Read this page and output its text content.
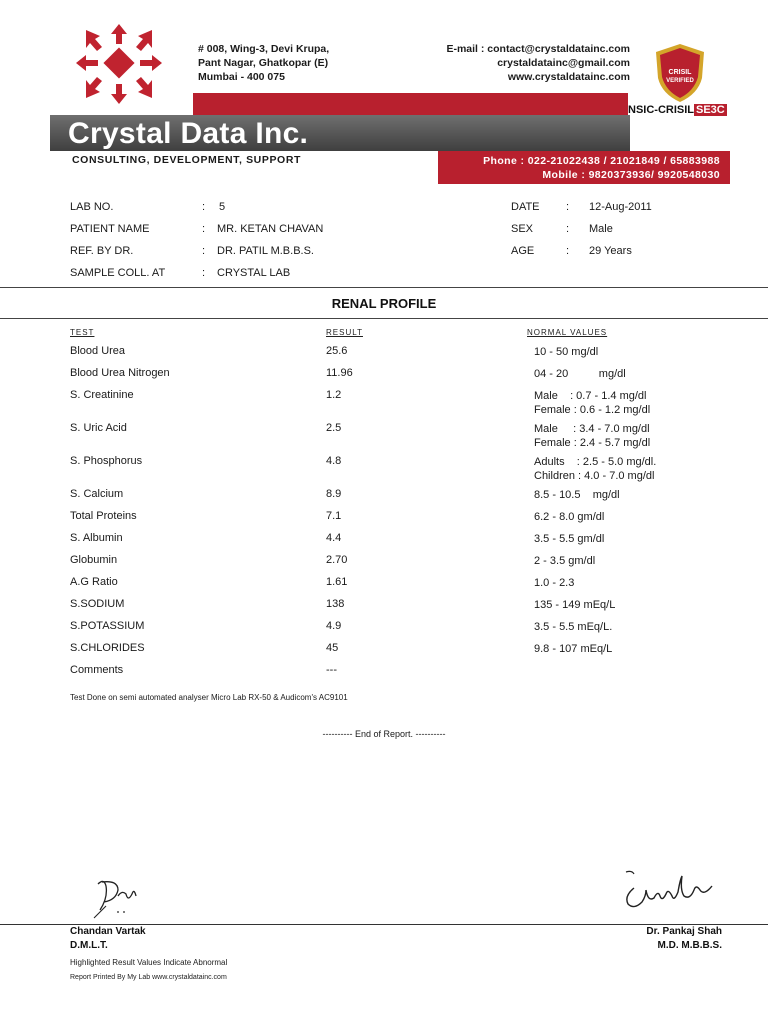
# 008, Wing-3, Devi Krupa,
Pant Nagar, Ghatkopar (E)
Mumbai - 400 075
E-mail : contact@crystaldatainc.com
crystaldatainc@gmail.com
www.crystaldatainc.com	CRISIL
VERIFIED
Crystal Data Inc.
NSIC-CRISIL SE3C
CONSULTING, DEVELOPMENT, SUPPORT	Phone : 022-21022438 / 21021849 / 65883988
Mobile : 9820373936/ 9920548030
LAB NO.	: 5
PATIENT NAME	: MR. KETAN CHAVAN
REF. BY DR.	: DR. PATIL M.B.B.S.
SAMPLE COLL. AT	: CRYSTAL LAB
DATE : 12-Aug-2011
SEX	: Male
AGE	: 29 Years
RENAL PROFILE
TEST	RESULT	NORMAL VALUES
Blood Urea	25.6	10 - 50 mg/dl
Blood Urea Nitrogen	11.96	04 - 20          mg/dl
S. Creatinine	1.2	Male    : 0.7 - 1.4 mg/dl
Female : 0.6 - 1.2 mg/dl
S. Uric Acid	2.5	Male     : 3.4 - 7.0 mg/dl
Female : 2.4 - 5.7 mg/dl
S. Phosphorus	4.8	Adults    : 2.5 - 5.0 mg/dl.
Children : 4.0 - 7.0 mg/dl
S. Calcium	8.9	8.5 - 10.5    mg/dl
Total Proteins	7.1	6.2 - 8.0 gm/dl
S. Albumin	4.4	3.5 - 5.5 gm/dl
Globumin	2.70	2 - 3.5 gm/dl
A.G Ratio	1.61	1.0 - 2.3
S.SODIUM	138	135 - 149 mEq/L
S.POTASSIUM	4.9	3.5 - 5.5 mEq/L.
S.CHLORIDES	45	9.8 - 107 mEq/L
Comments	---
Test Done on semi automated analyser Micro Lab RX-50 & Audicom's AC9101
---------- End of Report. ----------
Chandan Vartak
D.M.L.T.
Dr. Pankaj Shah
M.D. M.B.B.S.
Highlighted Result Values Indicate Abnormal
Report Printed By My Lab www.crystaldatainc.com
